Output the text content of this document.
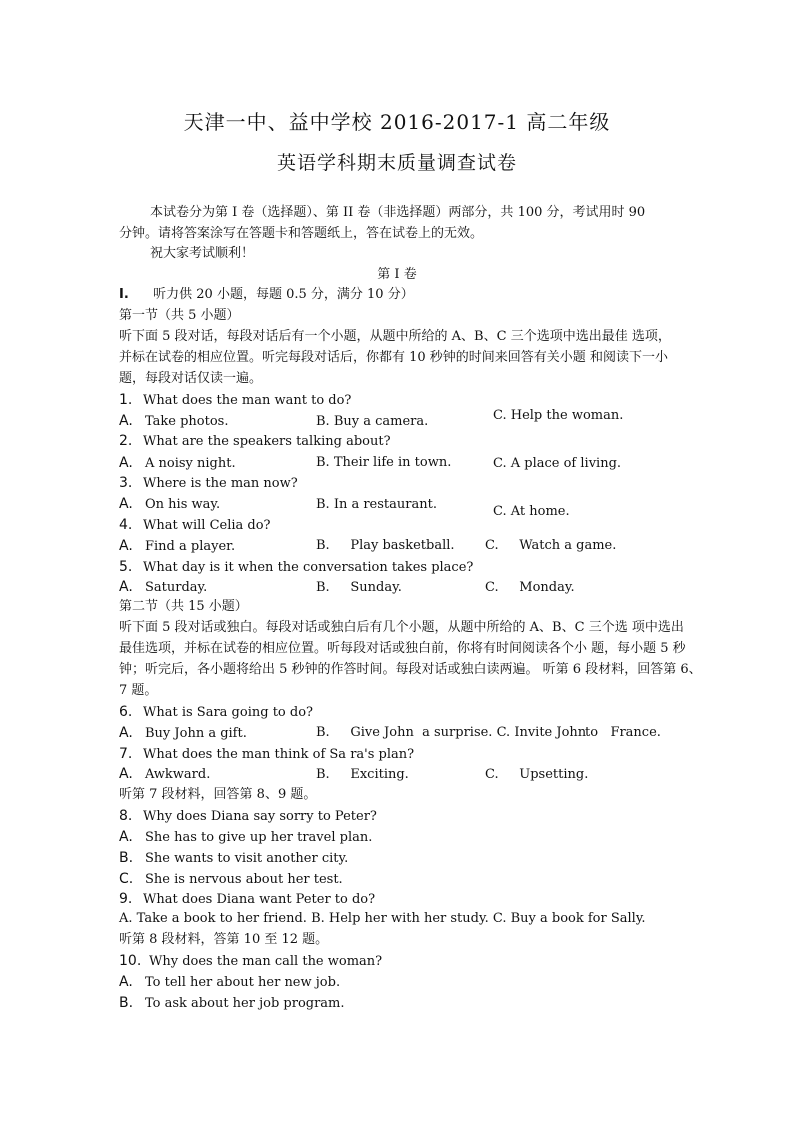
天津一中、益中学校 2016-2017-1 高二年级
英语学科期末质量调查试卷
本试卷分为第 I 卷（选择题）、第 II 卷（非选择题）两部分，共 100 分，考试用时 90
分钟。请将答案涂写在答题卡和答题纸上，答在试卷上的无效。
祝大家考试顺利！
第 I 卷
I. 听力供 20 小题，每题 0.5 分，满分 10 分）
第一节（共 5 小题）
听下面 5 段对话，每段对话后有一个小题，从题中所给的 A、B、C 三个选项中选出最佳 选项，
并标在试卷的相应位置。听完每段对话后，你都有 10 秒钟的时间来回答有关小题 和阅读下一小
题，每段对话仅读一遍。
1. What does the man want to do?
A. Take photos.	B. Buy a camera.	C. Help the woman.
2. What are the speakers talking about?
A. A noisy night.	B. Their life in town.	C. A place of living.
3. Where is the man now?
A. On his way.	B. In a restaurant.	C. At home.
4. What will Celia do?
A. Find a player.	B.     Play basketball. C.     Watch a game.
5. What day is it when the conversation takes place?
A. Saturday.	B.     Sunday.	C.     Monday.
第二节（共 15 小题）
听下面 5 段对话或独白。每段对话或独白后有几个小题，从题中所给的 A、B、C 三个选 项中选出
最佳选项，并标在试卷的相应位置。听每段对话或独白前，你将有时间阅读各个小 题，每小题 5 秒
钟；听完后，各小题将给出 5 秒钟的作答时间。每段对话或独白读两遍。 听第 6 段材料，回答第 6、
7 题。
6. What is Sara going to do?
A. Buy John a gift.	B.     Give John  a surprise. C. Invite John
to   France.
7. What does the man think of Sa ra's plan?
A. Awkward.	B.     Exciting.	C.     Upsetting.
听第 7 段材料，回答第 8、9 题。
8. Why does Diana say sorry to Peter?
A. She has to give up her travel plan.
B. She wants to visit another city.
C. She is nervous about her test.
9. What does Diana want Peter to do?
A. Take a book to her friend. B. Help her with her study. C. Buy a book for Sally.
听第 8 段材料，答第 10 至 12 题。
10. Why does the man call the woman?
A. To tell her about her new job.
B. To ask about her job program.
